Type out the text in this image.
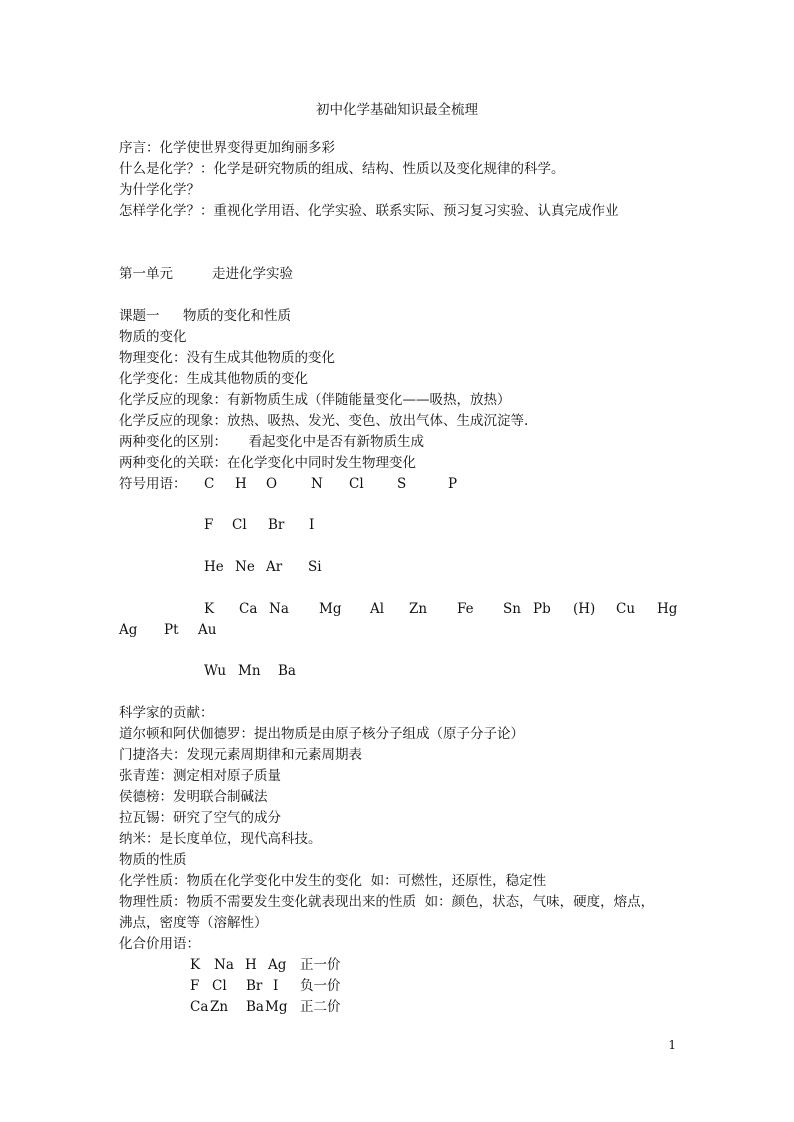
初中化学基础知识最全梳理
序言：化学使世界变得更加绚丽多彩
什么是化学？：化学是研究物质的组成、结构、性质以及变化规律的科学。
为什学化学？
怎样学化学？：重视化学用语、化学实验、联系实际、预习复习实验、认真完成作业
第一单元	走进化学实验
课题一 物质的变化和性质
物质的变化
物理变化：没有生成其他物质的变化
化学变化：生成其他物质的变化
化学反应的现象：有新物质生成（伴随能量变化——吸热，放热）
化学反应的现象：放热、吸热、发光、变色、放出气体、生成沉淀等.
两种变化的区别：     看起变化中是否有新物质生成
两种变化的关联：在化学变化中同时发生物理变化
符号用语： C H O	N Cl S	P
F Cl Br I
He Ne Ar Si
K Ca Na Mg Al Zn Fe Sn Pb (H) Cu Hg
Ag Pt Au
Wu Mn Ba
科学家的贡献：
道尔顿和阿伏伽德罗：提出物质是由原子核分子组成（原子分子论）
门捷洛夫：发现元素周期律和元素周期表
张青莲：测定相对原子质量
侯德榜：发明联合制碱法
拉瓦锡：研究了空气的成分
纳米：是长度单位，现代高科技。
物质的性质
化学性质：物质在化学变化中发生的变化  如：可燃性，还原性，稳定性
物理性质：物质不需要发生变化就表现出来的性质  如：颜色，状态，气味，硬度，熔点，
沸点，密度等（溶解性）
化合价用语：
K Na H Ag 正一价
F Cl Br I 负一价
Ca Zn Ba Mg 正二价
1
